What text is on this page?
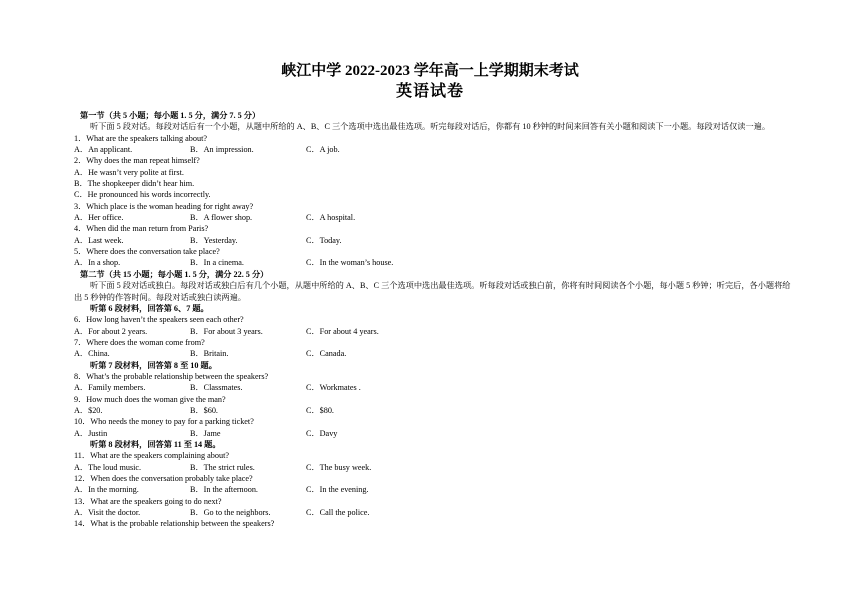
峡江中学 2022-2023 学年高一上学期期末考试
英语试卷
第一节（共 5 小题；每小题 1. 5 分，满分 7. 5 分）
听下面 5 段对话。每段对话后有一个小题，从题中所给的 A、B、C 三个选项中选出最佳选项。听完每段对话后，你都有 10 秒钟的时间来回答有关小题和阅读下一小题。每段对话仅读一遍。
1．What are the speakers talking about?
A．An applicant.	B．An impression.	C．A job.
2．Why does the man repeat himself?
A．He wasn’t very polite at first.
B．The shopkeeper didn’t hear him.
C．He pronounced his words incorrectly.
3．Which place is the woman heading for right away?
A．Her office.	B．A flower shop.	C．A hospital.
4．When did the man return from Paris?
A．Last week.	B．Yesterday.	C．Today.
5．Where does the conversation take place?
A．In a shop.	B．In a cinema.	C．In the woman’s house.
第二节（共 15 小题；每小题 1. 5 分，满分 22. 5 分）
听下面 5 段对话或独白。每段对话或独白后有几个小题，从题中所给的 A、B、C 三个选项中选出最佳选项。听每段对话或独白前，你将有时间阅读各个小题，每小题 5 秒钟；听完后，各小题将给出 5 秒钟的作答时间。每段对话或独白读两遍。
听第 6 段材料，回答第 6、7 题。
6．How long haven’t the speakers seen each other?
A．For about 2 years.	B．For about 3 years.	C．For about 4 years.
7．Where does the woman come from?
A．China.	B．Britain.	C．Canada.
听第 7 段材料，回答第 8 至 10 题。
8．What’s the probable relationship between the speakers?
A．Family members.	B．Classmates.	C．Workmates .
9．How much does the woman give the man?
A．$20.	B．$60.	C．$80.
10．Who needs the money to pay for a parking ticket?
A．Justin	B．Jame	C．Davy
听第 8 段材料，回答第 11 至 14 题。
11．What are the speakers complaining about?
A．The loud music.	B．The strict rules.	C．The busy week.
12．When does the conversation probably take place?
A．In the morning.	B．In the afternoon.	C．In the evening.
13．What are the speakers going to do next?
A．Visit the doctor.	B．Go to the neighbors.	C．Call the police.
14．What is the probable relationship between the speakers?
